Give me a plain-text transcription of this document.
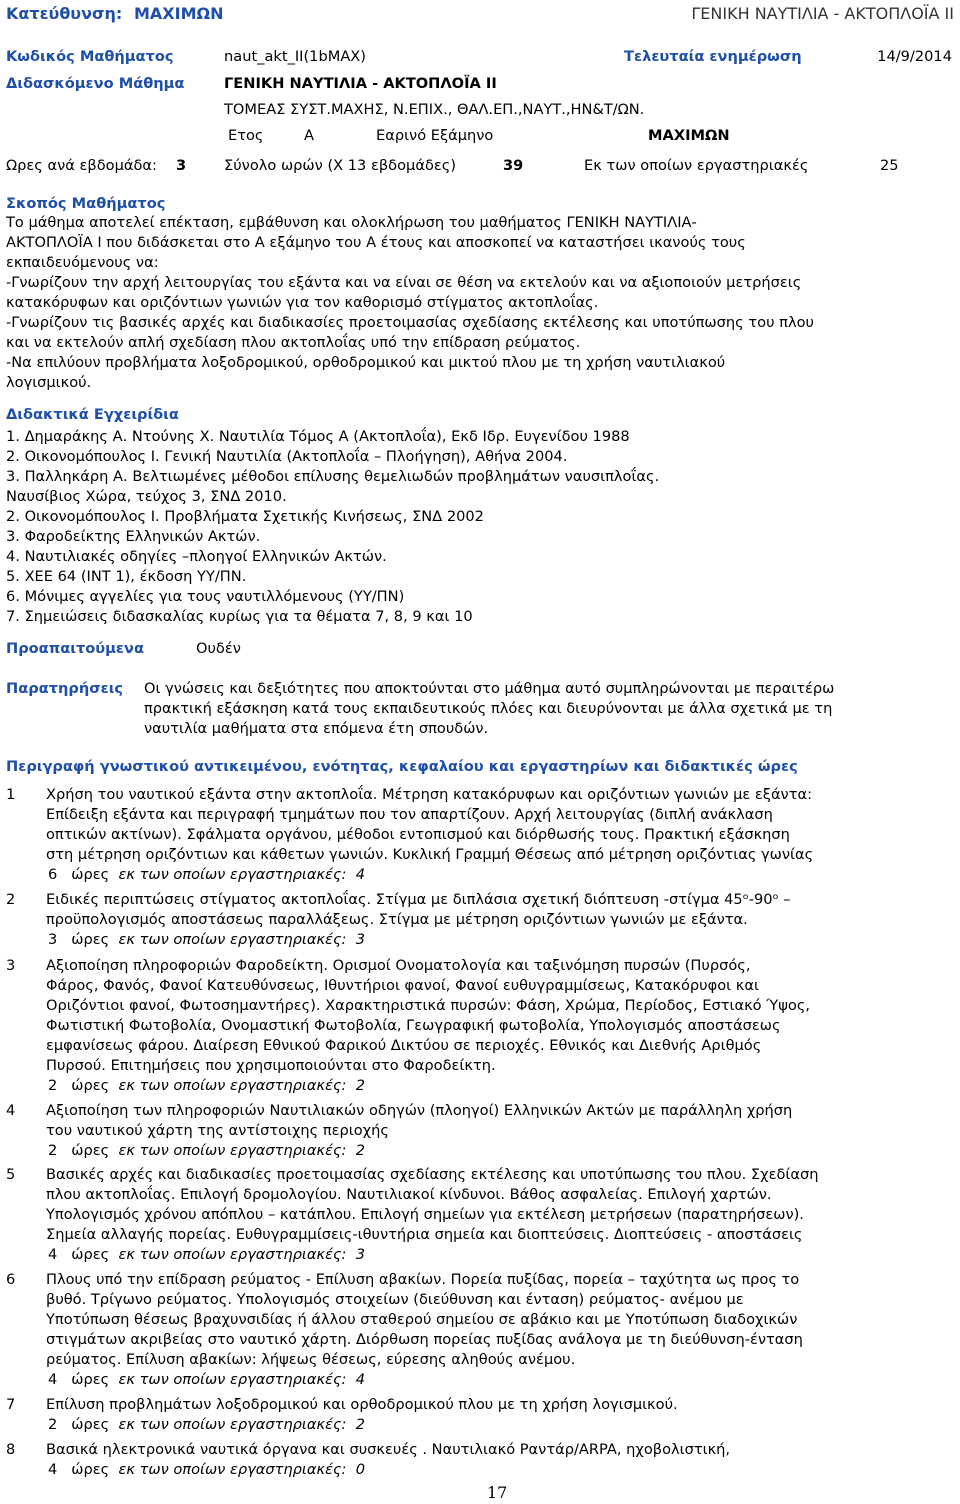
Κατεύθυνση: ΜΑΧΙΜΩΝ	ΓΕΝΙΚΗ ΝΑΥΤΙΛΙΑ - ΑΚΤΟΠΛΟΪΑ ΙΙ
Κωδικός Μαθήματος	naut_akt_II(1bMAX)	Τελευταία ενημέρωση	14/9/2014
Διδασκόμενο Μάθημα	ΓΕΝΙΚΗ ΝΑΥΤΙΛΙΑ - ΑΚΤΟΠΛΟΪΑ ΙΙ
ΤΟΜΕΑΣ ΣΥΣΤ.ΜΑΧΗΣ, Ν.ΕΠΙΧ., ΘΑΛ.ΕΠ.,ΝΑΥΤ.,ΗΝ&Τ/ΩΝ.
Ετος	Α	Εαρινό Εξάμηνο	ΜΑΧΙΜΩΝ
Ωρες ανά εβδομάδα: 3	Σύνολο ωρών (Χ 13 εβδομάδες)	39	Εκ των οποίων εργαστηριακές	25
Σκοπός Μαθήματος
Το μάθημα αποτελεί επέκταση, εμβάθυνση και ολοκλήρωση του μαθήματος ΓΕΝΙΚΗ ΝΑΥΤΙΛΙΑ-
ΑΚΤΟΠΛΟΪΑ Ι που διδάσκεται στο Α εξάμηνο του Α έτους και αποσκοπεί να καταστήσει ικανούς τους
εκπαιδευόμενους να:
-Γνωρίζουν την αρχή λειτουργίας του εξάντα και να είναι σε θέση να εκτελούν και να αξιοποιούν μετρήσεις
κατακόρυφων και οριζόντιων γωνιών για τον καθορισμό στίγματος ακτοπλοΐας.
-Γνωρίζουν τις βασικές αρχές και διαδικασίες προετοιμασίας σχεδίασης εκτέλεσης και υποτύπωσης του πλου
και να εκτελούν απλή σχεδίαση πλου ακτοπλοΐας υπό την επίδραση ρεύματος.
-Να επιλύουν προβλήματα λοξοδρομικού, ορθοδρομικού και μικτού πλου με τη χρήση ναυτιλιακού
λογισμικού.
Διδακτικά Εγχειρίδια
1. Δημαράκης Α. Ντούνης Χ. Ναυτιλία Τόμος Α (Ακτοπλοΐα), Εκδ Ιδρ. Ευγενίδου 1988
2. Οικονομόπουλος Ι. Γενική Ναυτιλία (Ακτοπλοΐα – Πλοήγηση), Αθήνα 2004.
3. Παλληκάρη Α. Βελτιωμένες μέθοδοι επίλυσης θεμελιωδών προβλημάτων ναυσιπλοΐας.
Ναυσίβιος Χώρα, τεύχος 3, ΣΝΔ 2010.
2. Οικονομόπουλος Ι. Προβλήματα Σχετικής Κινήσεως, ΣΝΔ 2002
3. Φαροδείκτης Ελληνικών Ακτών.
4. Ναυτιλιακές οδηγίες –πλοηγοί Ελληνικών Ακτών.
5. ΧΕΕ 64 (ΙΝΤ 1), έκδοση ΥΥ/ΠΝ.
6. Μόνιμες αγγελίες για τους ναυτιλλόμενους (ΥΥ/ΠΝ)
7. Σημειώσεις διδασκαλίας κυρίως για τα θέματα 7, 8, 9 και 10
Προαπαιτούμενα	Ουδέν
Παρατηρήσεις Οι γνώσεις και δεξιότητες που αποκτούνται στο μάθημα αυτό συμπληρώνονται με περαιτέρω
πρακτική εξάσκηση κατά τους εκπαιδευτικούς πλόες και διευρύνονται με άλλα σχετικά με τη
ναυτιλία μαθήματα στα επόμενα έτη σπουδών.
Περιγραφή γνωστικού αντικειμένου, ενότητας, κεφαλαίου και εργαστηρίων και διδακτικές ώρες
1 Χρήση του ναυτικού εξάντα στην ακτοπλοΐα. Μέτρηση κατακόρυφων και οριζόντιων γωνιών με εξάντα:
Επίδειξη εξάντα και περιγραφή τμημάτων που τον απαρτίζουν. Αρχή λειτουργίας (διπλή ανάκλαση
οπτικών ακτίνων). Σφάλματα οργάνου, μέθοδοι εντοπισμού και διόρθωσής τους. Πρακτική εξάσκηση
στη μέτρηση οριζόντιων και κάθετων γωνιών. Κυκλική Γραμμή Θέσεως από μέτρηση οριζόντιας γωνίας
6 ώρες εκ των οποίων εργαστηριακές: 4
2 Ειδικές περιπτώσεις στίγματος ακτοπλοΐας. Στίγμα με διπλάσια σχετική διόπτευση -στίγμα 45ᵒ-90ᵒ –
προϋπολογισμός αποστάσεως παραλλάξεως. Στίγμα με μέτρηση οριζόντιων γωνιών με εξάντα.
3 ώρες εκ των οποίων εργαστηριακές: 3
3 Αξιοποίηση πληροφοριών Φαροδείκτη. Ορισμοί Ονοματολογία και ταξινόμηση πυρσών (Πυρσός,
Φάρος, Φανός, Φανοί Κατευθύνσεως, Ιθυντήριοι φανοί, Φανοί ευθυγραμμίσεως, Κατακόρυφοι και
Οριζόντιοι φανοί, Φωτοσημαντήρες). Χαρακτηριστικά πυρσών: Φάση, Χρώμα, Περίοδος, Εστιακό Ύψος,
Φωτιστική Φωτοβολία, Ονομαστική Φωτοβολία, Γεωγραφική φωτοβολία, Υπολογισμός αποστάσεως
εμφανίσεως φάρου. Διαίρεση Εθνικού Φαρικού Δικτύου σε περιοχές. Εθνικός και Διεθνής Αριθμός
Πυρσού. Επιτημήσεις που χρησιμοποιούνται στο Φαροδείκτη.
2 ώρες εκ των οποίων εργαστηριακές: 2
4 Αξιοποίηση των πληροφοριών Ναυτιλιακών οδηγών (πλοηγοί) Ελληνικών Ακτών με παράλληλη χρήση
του ναυτικού χάρτη της αντίστοιχης περιοχής
2 ώρες εκ των οποίων εργαστηριακές: 2
5 Βασικές αρχές και διαδικασίες προετοιμασίας σχεδίασης εκτέλεσης και υποτύπωσης του πλου. Σχεδίαση
πλου ακτοπλοΐας. Επιλογή δρομολογίου. Ναυτιλιακοί κίνδυνοι. Βάθος ασφαλείας. Επιλογή χαρτών.
Υπολογισμός χρόνου απόπλου – κατάπλου. Επιλογή σημείων για εκτέλεση μετρήσεων (παρατηρήσεων).
Σημεία αλλαγής πορείας. Ευθυγραμμίσεις-ιθυντήρια σημεία και διοπτεύσεις. Διοπτεύσεις - αποστάσεις
4 ώρες εκ των οποίων εργαστηριακές: 3
6 Πλους υπό την επίδραση ρεύματος - Επίλυση αβακίων. Πορεία πυξίδας, πορεία – ταχύτητα ως προς το
βυθό. Τρίγωνο ρεύματος. Υπολογισμός στοιχείων (διεύθυνση και ένταση) ρεύματος- ανέμου με
Υποτύπωση θέσεως βραχυνσιδίας ή άλλου σταθερού σημείου σε αβάκιο και με Υποτύπωση διαδοχικών
στιγμάτων ακριβείας στο ναυτικό χάρτη. Διόρθωση πορείας πυξίδας ανάλογα με τη διεύθυνση-ένταση
ρεύματος. Επίλυση αβακίων: λήψεως θέσεως, εύρεσης αληθούς ανέμου.
4 ώρες εκ των οποίων εργαστηριακές: 4
7 Επίλυση προβλημάτων λοξοδρομικού και ορθοδρομικού πλου με τη χρήση λογισμικού.
2 ώρες εκ των οποίων εργαστηριακές: 2
8 Βασικά ηλεκτρονικά ναυτικά όργανα και συσκευές . Ναυτιλιακό Ραντάρ/ARPA, ηχοβολιστική,
4 ώρες εκ των οποίων εργαστηριακές: 0
17
